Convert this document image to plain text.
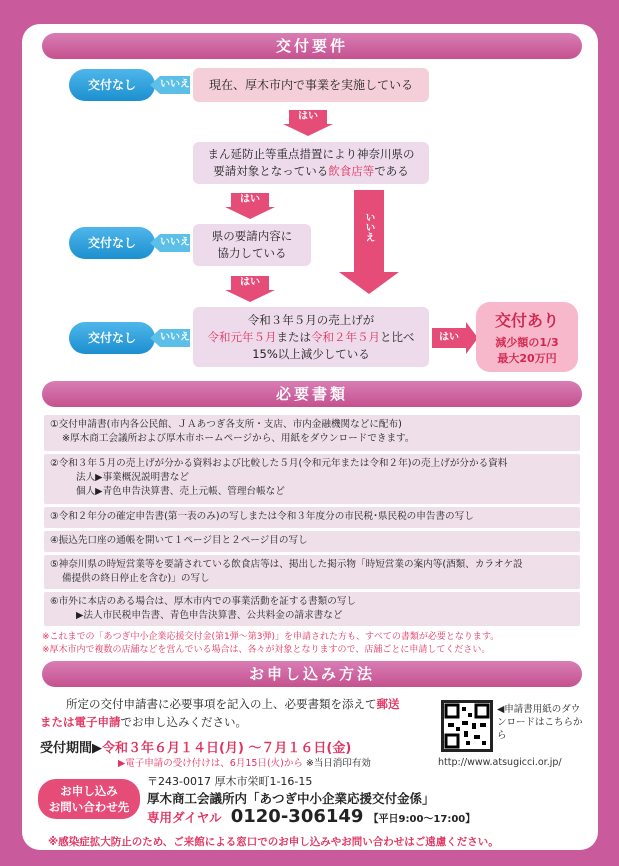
交付要件
交付なし	いいえ 現在、厚木市内で事業を実施している
はい
まん延防止等重点措置により神奈川県の
要請対象となっている飲食店等である
はい
いいえ
交付なし	いいえ 県の要請内容に
協力している
はい
交付なし	いいえ
令和３年５月の売上げが
令和元年５月または令和２年５月と比べ
15%以上減少している
はい
交付あり
減少額の1/3
最大20万円
必要書類
①交付申請書(市内各公民館、ＪＡあつぎ各支所・支店、市内金融機関などに配布)
※厚木商工会議所および厚木市ホームページから、用紙をダウンロードできます。
②令和３年５月の売上げが分かる資料および比較した５月(令和元年または令和２年)の売上げが分かる資料
法人▶事業概況説明書など
個人▶青色申告決算書、売上元帳、管理台帳など
③令和２年分の確定申告書(第一表のみ)の写しまたは令和３年度分の市民税･県民税の申告書の写し
④振込先口座の通帳を開いて１ページ目と２ページ目の写し
⑤神奈川県の時短営業等を要請されている飲食店等は、掲出した掲示物「時短営業の案内等(酒類、カラオケ設
備提供の終日停止を含む)」の写し
⑥市外に本店のある場合は、厚木市内での事業活動を証する書類の写し
▶法人市民税申告書、青色申告決算書、公共料金の請求書など
※これまでの「あつぎ中小企業応援交付金(第1弾～第3弾)」を申請された方も、すべての書類が必要となります。
※厚木市内で複数の店舗などを営んでいる場合は、各々が対象となりますので、店舗ごとに申請してください。
お申し込み方法
所定の交付申請書に必要事項を記入の上、必要書類を添えて郵送
または電子申請でお申し込みください。
受付期間▶令和３年６月１４日(月) ～７月１６日(金)
▶電子申請の受け付けは、6月15日(火)から ※当日消印有効
◀申請書用紙のダウンロードはこちらから
http://www.atsugicci.or.jp/
お申し込み
お問い合わせ先
〒243-0017 厚木市栄町1-16-15
厚木商工会議所内「あつぎ中小企業応援交付金係」
専用ダイヤル 0120-306149 【平日9:00～17:00】
※感染症拡大防止のため、ご来館による窓口でのお申し込みやお問い合わせはご遠慮ください。
